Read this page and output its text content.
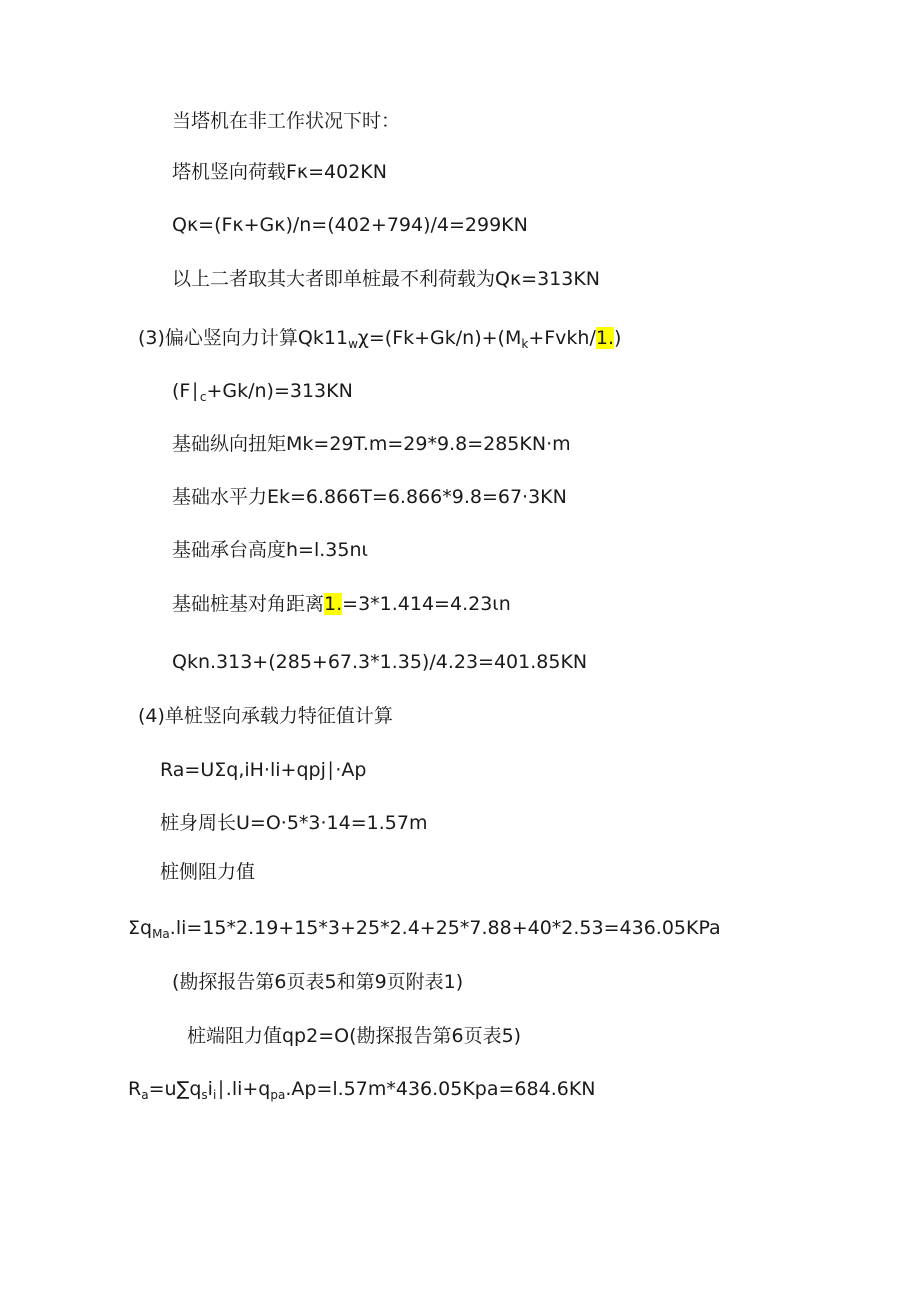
当塔机在非工作状况下时：
塔机竖向荷载Fκ=402KN
Qκ=(Fκ+Gκ)∕n=(402+794)∕4=299KN
以上二者取其大者即单桩最不利荷载为Qκ=313KN
(3)偏心竖向力计算$Qk11_w\chi=(Fk+Gk/n)+(M_k+Fvkh∕1.)$
$(F∣_c+Gk∕n)=313KN$
基础纵向扭矩Mk=29T.m=29*9.8=285KN·m
基础水平力Ek=6.866T=6.866*9.8=67·3KN
基础承台高度h=l.35nι
基础桩基对角距离1.=3*1.414=4.23ιn
Qkn.313+(285+67.3*1.35)/4.23=401.85KN
(4)单桩竖向承载力特征值计算
Ra=UΣq,iH·li+qpj∣·Ap
桩身周长U=O·5*3·14=1.57m
桩侧阻力值
$\Sigma q_{Ma}.li=15*2.19+15*3+25*2.4+25*7.88+40*2.53=436.05KPa$
(勘探报告第6页表5和第9页附表1)
桩端阻力值qp2=O(勘探报告第6页表5)
$R_a=u\sum q_si_i∣.li+q_{pa}.Ap=l.57m*436.05Kpa=684.6KN$
